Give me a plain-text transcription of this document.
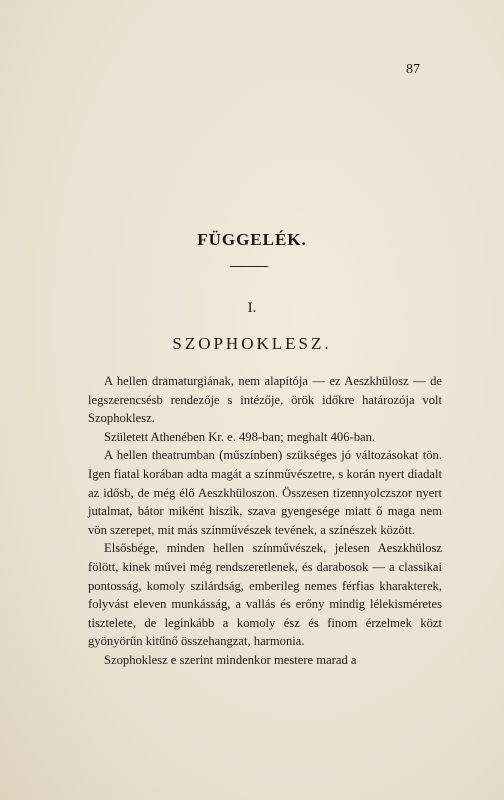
87
FÜGGELÉK.
I.
SZOPHOKLESZ.

A hellen dramaturgiának, nem alapítója — ez Aeszkhülosz — de legszerencsésb rendezője s intézője, örök időkre határozója volt Szophoklesz.

Született Athenében Kr. e. 498-ban; meghalt 406-ban.

A hellen theatrumban (műszínben) szükséges jó változásokat tön. Igen fiatal korában adta magát a színművészetre, s korán nyert diadalt az idősb, de még élő Aeszkhüloszon. Összesen tizennyolczszor nyert jutalmat, bátor miként hiszik, szava gyengesége miatt ő maga nem vön szerepet, mit más színművészek tevének, a színészek között.

Elsősbége, minden hellen színművészek, jelesen Aeszkhülosz fölött, kinek művei még rendszeretlenek, és darabosok — a classikai pontosság, komoly szilárdság, emberileg nemes férfias kharakterek, folyvást eleven munkásság, a vallás és erőny mindig lélekisméretes tisztelete, de leginkább a komoly ész és finom érzelmek közt gyönyörűn kitűnő összehangzat, harmonia.

Szophoklesz e szerint mindenkor mestere marad a
